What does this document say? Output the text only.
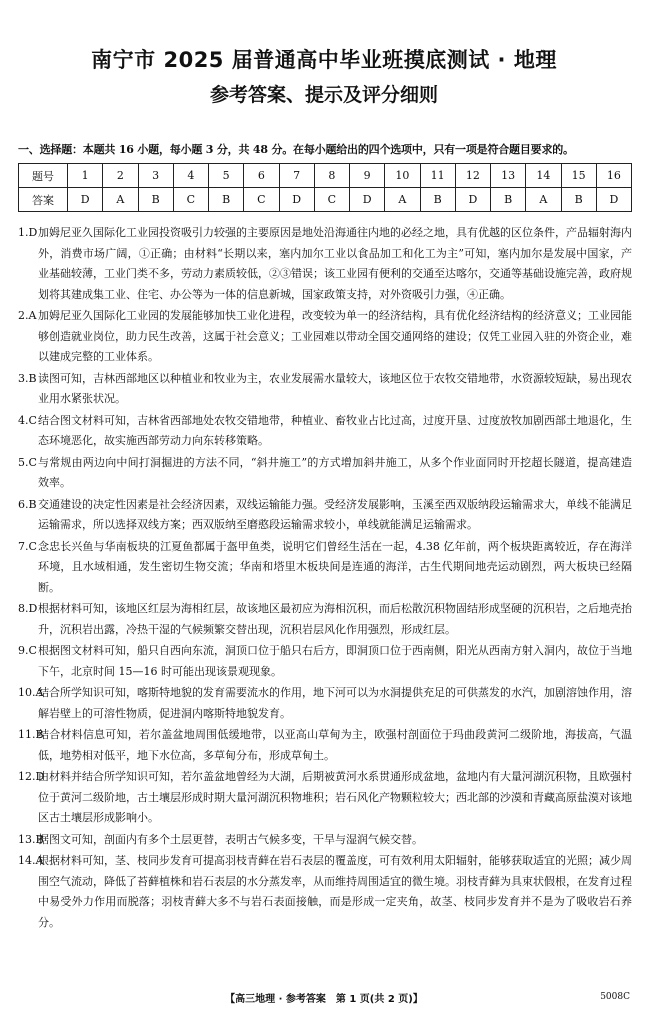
南宁市 2025 届普通高中毕业班摸底测试 · 地理
参考答案、提示及评分细则
一、选择题：本题共 16 小题，每小题 3 分，共 48 分。在每小题给出的四个选项中，只有一项是符合题目要求的。
题号	1	2	3	4	5	6	7	8	9	10	11	12	13	14	15	16
答案	D	A	B	C	B	C	D	C	D	A	B	D	B	A	B	D
1.D 加姆尼亚久国际化工业园投资吸引力较强的主要原因是地处沿海通往内地的必经之地，具有优越的区位条件，产品辐射海内外，消费市场广阔，①正确；由材料“长期以来，塞内加尔工业以食品加工和化工为主”可知，塞内加尔是发展中国家，产业基础较薄，工业门类不多，劳动力素质较低，②③错误；该工业园有便利的交通至达喀尔，交通等基础设施完善，政府规划将其建成集工业、住宅、办公等为一体的信息新城，国家政策支持，对外资吸引力强，④正确。
2.A 加姆尼亚久国际化工业园的发展能够加快工业化进程，改变较为单一的经济结构，具有优化经济结构的经济意义；工业园能够创造就业岗位，助力民生改善，这属于社会意义；工业园难以带动全国交通网络的建设；仅凭工业园入驻的外资企业，难以建成完整的工业体系。
3.B 读图可知，吉林西部地区以种植业和牧业为主，农业发展需水量较大，该地区位于农牧交错地带，水资源较短缺，易出现农业用水紧张状况。
4.C 结合图文材料可知，吉林省西部地处农牧交错地带，种植业、畜牧业占比过高，过度开垦、过度放牧加剧西部土地退化，生态环境恶化，故实施西部劳动力向东转移策略。
5.C 与常规由两边向中间打洞掘进的方法不同，“斜井施工”的方式增加斜井施工，从多个作业面同时开挖超长隧道，提高建造效率。
6.B 交通建设的决定性因素是社会经济因素，双线运输能力强。受经济发展影响，玉溪至西双版纳段运输需求大，单线不能满足运输需求，所以选择双线方案；西双版纳至磨憨段运输需求较小，单线就能满足运输需求。
7.C 念忠长兴鱼与华南板块的江夏鱼都属于盔甲鱼类，说明它们曾经生活在一起，4.38 亿年前，两个板块距离较近，存在海洋环境，且水域相通，发生密切生物交流；华南和塔里木板块间是连通的海洋，古生代期间地壳运动剧烈，两大板块已经隔断。
8.D 根据材料可知，该地区红层为海相红层，故该地区最初应为海相沉积，而后松散沉积物固结形成坚硬的沉积岩，之后地壳抬升，沉积岩出露，冷热干湿的气候频繁交替出现，沉积岩层风化作用强烈，形成红层。
9.C 根据图文材料可知，船只自西向东流，洞顶口位于船只右后方，即洞顶口位于西南侧，阳光从西南方射入洞内，故位于当地下午，北京时间 15—16 时可能出现该景观现象。
10.A
结合所学知识可知，喀斯特地貌的发育需要流水的作用，地下河可以为水洞提供充足的可供蒸发的水汽，加剧溶蚀作用，溶解岩壁上的可溶性物质，促进洞内喀斯特地貌发育。
11.B
结合材料信息可知，若尔盖盆地周围低缓地带，以亚高山草甸为主，欧强村剖面位于玛曲段黄河二级阶地，海拔高，气温低，地势相对低平，地下水位高，多草甸分布，形成草甸土。
12.D
由材料并结合所学知识可知，若尔盖盆地曾经为大湖，后期被黄河水系贯通形成盆地，盆地内有大量河湖沉积物，且欧强村位于黄河二级阶地，古土壤层形成时期大量河湖沉积物堆积；岩石风化产物颗粒较大；西北部的沙漠和青藏高原盐漠对该地区古土壤层形成影响小。
13.B
据图文可知，剖面内有多个土层更替，表明古气候多变，干旱与湿润气候交替。
14.A
根据材料可知，茎、枝同步发育可提高羽枝青藓在岩石表层的覆盖度，可有效利用太阳辐射，能够获取适宜的光照；减少周围空气流动，降低了苔藓植株和岩石表层的水分蒸发率，从而维持周围适宜的微生境。羽枝青藓为具束状假根，在发育过程中易受外力作用而脱落；羽枝青藓大多不与岩石表面接触，而是形成一定夹角，故茎、枝同步发育并不是为了吸收岩石养分。
【高三地理 · 参考答案　第 1 页(共 2 页)】	5008C
